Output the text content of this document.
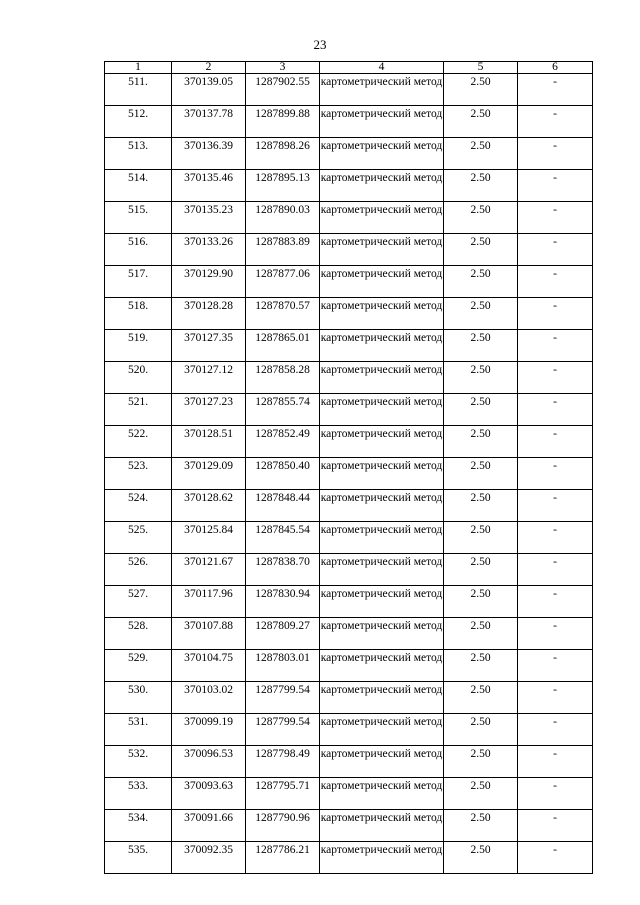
23
1	2	3	4	5	6
511.	370139.05	1287902.55	картометрический метод	2.50	-
512.	370137.78	1287899.88	картометрический метод	2.50	-
513.	370136.39	1287898.26	картометрический метод	2.50	-
514.	370135.46	1287895.13	картометрический метод	2.50	-
515.	370135.23	1287890.03	картометрический метод	2.50	-
516.	370133.26	1287883.89	картометрический метод	2.50	-
517.	370129.90	1287877.06	картометрический метод	2.50	-
518.	370128.28	1287870.57	картометрический метод	2.50	-
519.	370127.35	1287865.01	картометрический метод	2.50	-
520.	370127.12	1287858.28	картометрический метод	2.50	-
521.	370127.23	1287855.74	картометрический метод	2.50	-
522.	370128.51	1287852.49	картометрический метод	2.50	-
523.	370129.09	1287850.40	картометрический метод	2.50	-
524.	370128.62	1287848.44	картометрический метод	2.50	-
525.	370125.84	1287845.54	картометрический метод	2.50	-
526.	370121.67	1287838.70	картометрический метод	2.50	-
527.	370117.96	1287830.94	картометрический метод	2.50	-
528.	370107.88	1287809.27	картометрический метод	2.50	-
529.	370104.75	1287803.01	картометрический метод	2.50	-
530.	370103.02	1287799.54	картометрический метод	2.50	-
531.	370099.19	1287799.54	картометрический метод	2.50	-
532.	370096.53	1287798.49	картометрический метод	2.50	-
533.	370093.63	1287795.71	картометрический метод	2.50	-
534.	370091.66	1287790.96	картометрический метод	2.50	-
535.	370092.35	1287786.21	картометрический метод	2.50	-
